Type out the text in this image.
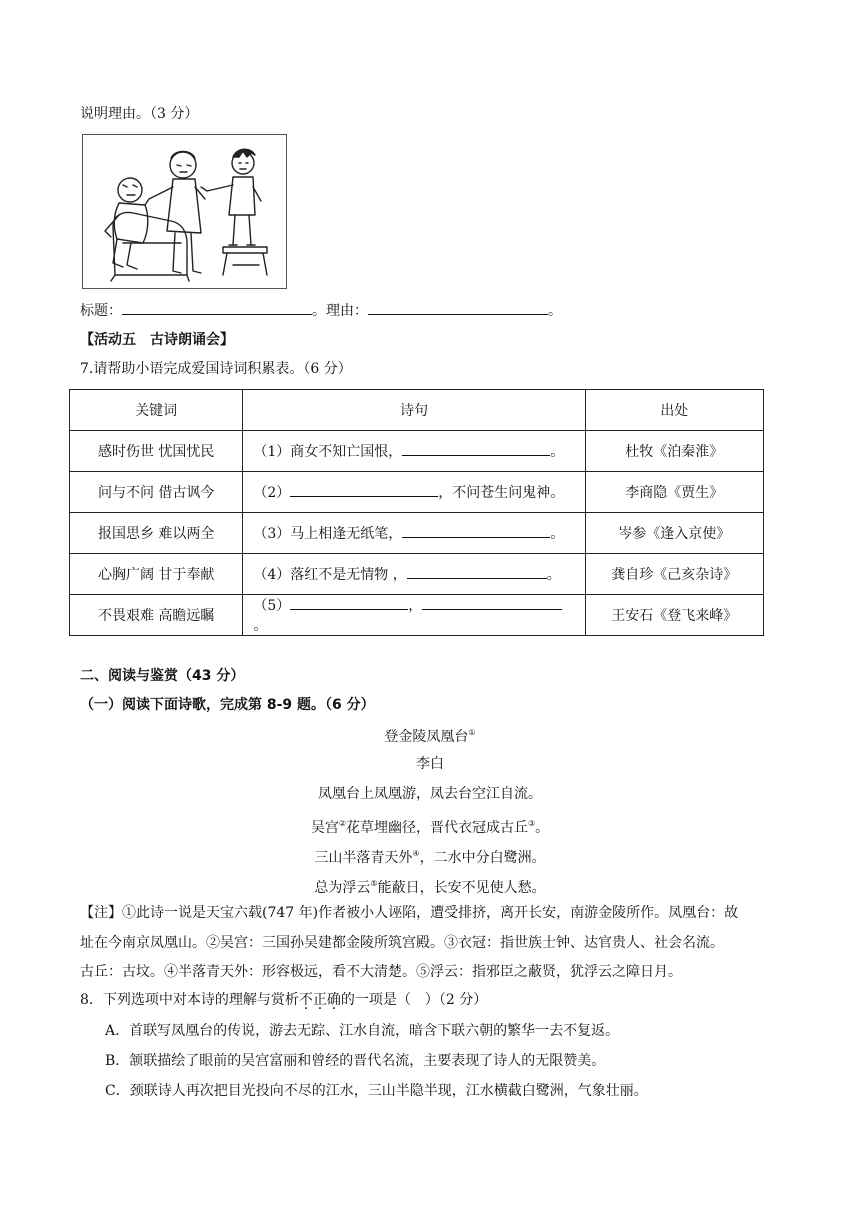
说明理由。（3 分）
标题：	。理由：	。
【活动五　古诗朗诵会】
7.请帮助小语完成爱国诗词积累表。（6 分）
关键词	诗句	出处
感时伤世 忧国忧民	（1）商女不知亡国恨， 。	杜牧《泊秦淮》
问与不问 借古讽今	（2） ，不问苍生问鬼神。	李商隐《贾生》
报国思乡 难以两全	（3）马上相逢无纸笔， 。	岑参《逢入京使》
心胸广阔 甘于奉献	（4）落红不是无情物 ， 。	龚自珍《己亥杂诗》
不畏艰难 高瞻远瞩	（5） ，。	王安石《登飞来峰》
二、阅读与鉴赏（43 分）
（一）阅读下面诗歌，完成第 8-9 题。（6 分）
登金陵凤凰台①
李白
凤凰台上凤凰游，凤去台空江自流。
吴宫②花草埋幽径，晋代衣冠成古丘③。
三山半落青天外④，二水中分白鹭洲。
总为浮云⑤能蔽日，长安不见使人愁。
【注】①此诗一说是天宝六载(747 年)作者被小人诬陷，遭受排挤，离开长安，南游金陵所作。凤凰台：故
址在今南京凤凰山。②吴宫：三国孙吴建都金陵所筑宫殿。③衣冠：指世族士钟、达官贵人、社会名流。
古丘：古坟。④半落青天外：形容极远，看不大清楚。⑤浮云：指邪臣之蔽贤，犹浮云之障日月。
8．下列选项中对本诗的理解与赏析不正确的一项是（　）（2 分）
A．首联写凤凰台的传说，游去无踪、江水自流，暗含下联六朝的繁华一去不复返。
B．颔联描绘了眼前的吴宫富丽和曾经的晋代名流，主要表现了诗人的无限赞美。
C．颈联诗人再次把目光投向不尽的江水，三山半隐半现，江水横截白鹭洲，气象壮丽。
